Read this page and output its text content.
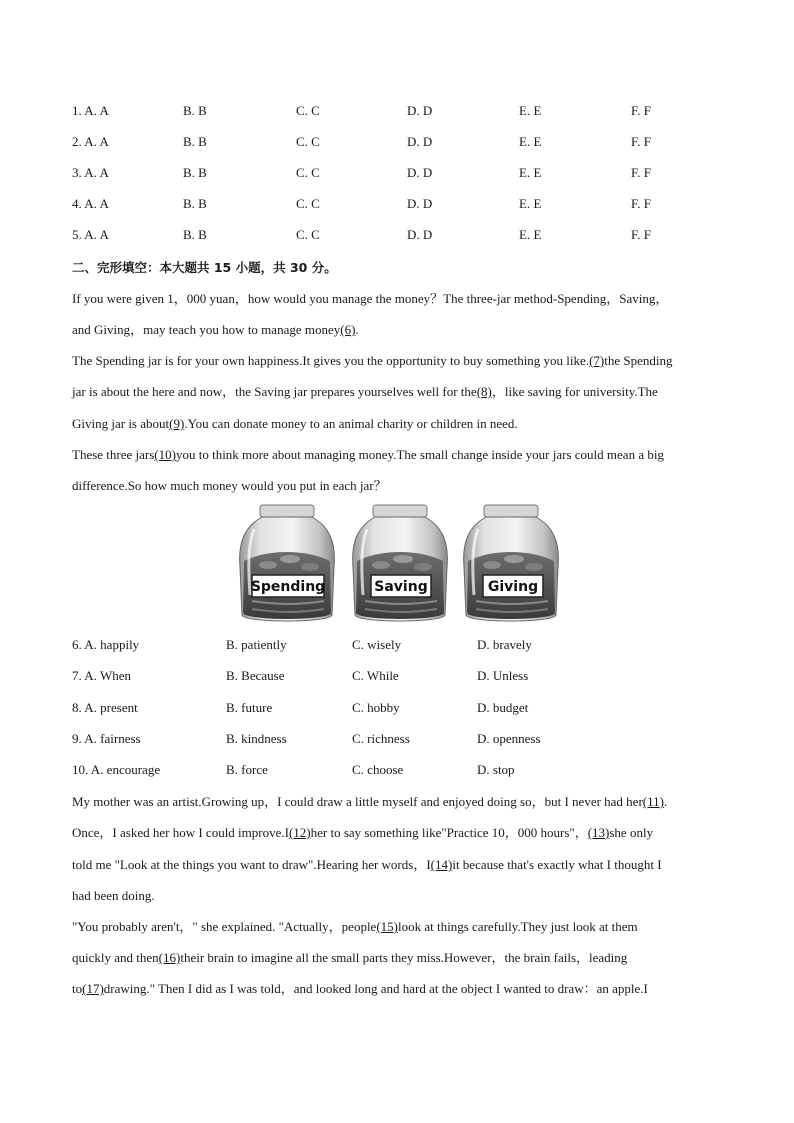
1. A. A	B. B	C. C	D. D	E. E	F. F
2. A. A	B. B	C. C	D. D	E. E	F. F
3. A. A	B. B	C. C	D. D	E. E	F. F
4. A. A	B. B	C. C	D. D	E. E	F. F
5. A. A	B. B	C. C	D. D	E. E	F. F
二、完形填空：本大题共 15 小题，共 30 分。
If you were given 1，000 yuan，how would you manage the money？The three-jar method-Spending，Saving，
and Giving，may teach you how to manage money(6).
The Spending jar is for your own happiness.It gives you the opportunity to buy something you like.(7)the Spending
jar is about the here and now，the Saving jar prepares yourselves well for the(8)，like saving for university.The
Giving jar is about(9).You can donate money to an animal charity or children in need.
These three jars(10)you to think more about managing money.The small change inside your jars could mean a big
difference.So how much money would you put in each jar？
Spending	Saving	Giving
6. A. happily	B. patiently	C. wisely	D. bravely
7. A. When	B. Because	C. While	D. Unless
8. A. present	B. future	C. hobby	D. budget
9. A. fairness	B. kindness	C. richness	D. openness
10. A. encourage	B. force	C. choose	D. stop
My mother was an artist.Growing up，I could draw a little myself and enjoyed doing so，but I never had her(11).
Once，I asked her how I could improve.I(12)her to say something like"Practice 10，000 hours"，(13)she only
told me "Look at the things you want to draw".Hearing her words，I(14)it because that's exactly what I thought I
had been doing.
"You probably aren't，" she explained. "Actually，people(15)look at things carefully.They just look at them
quickly and then(16)their brain to imagine all the small parts they miss.However，the brain fails，leading
to(17)drawing." Then I did as I was told，and looked long and hard at the object I wanted to draw：an apple.I
